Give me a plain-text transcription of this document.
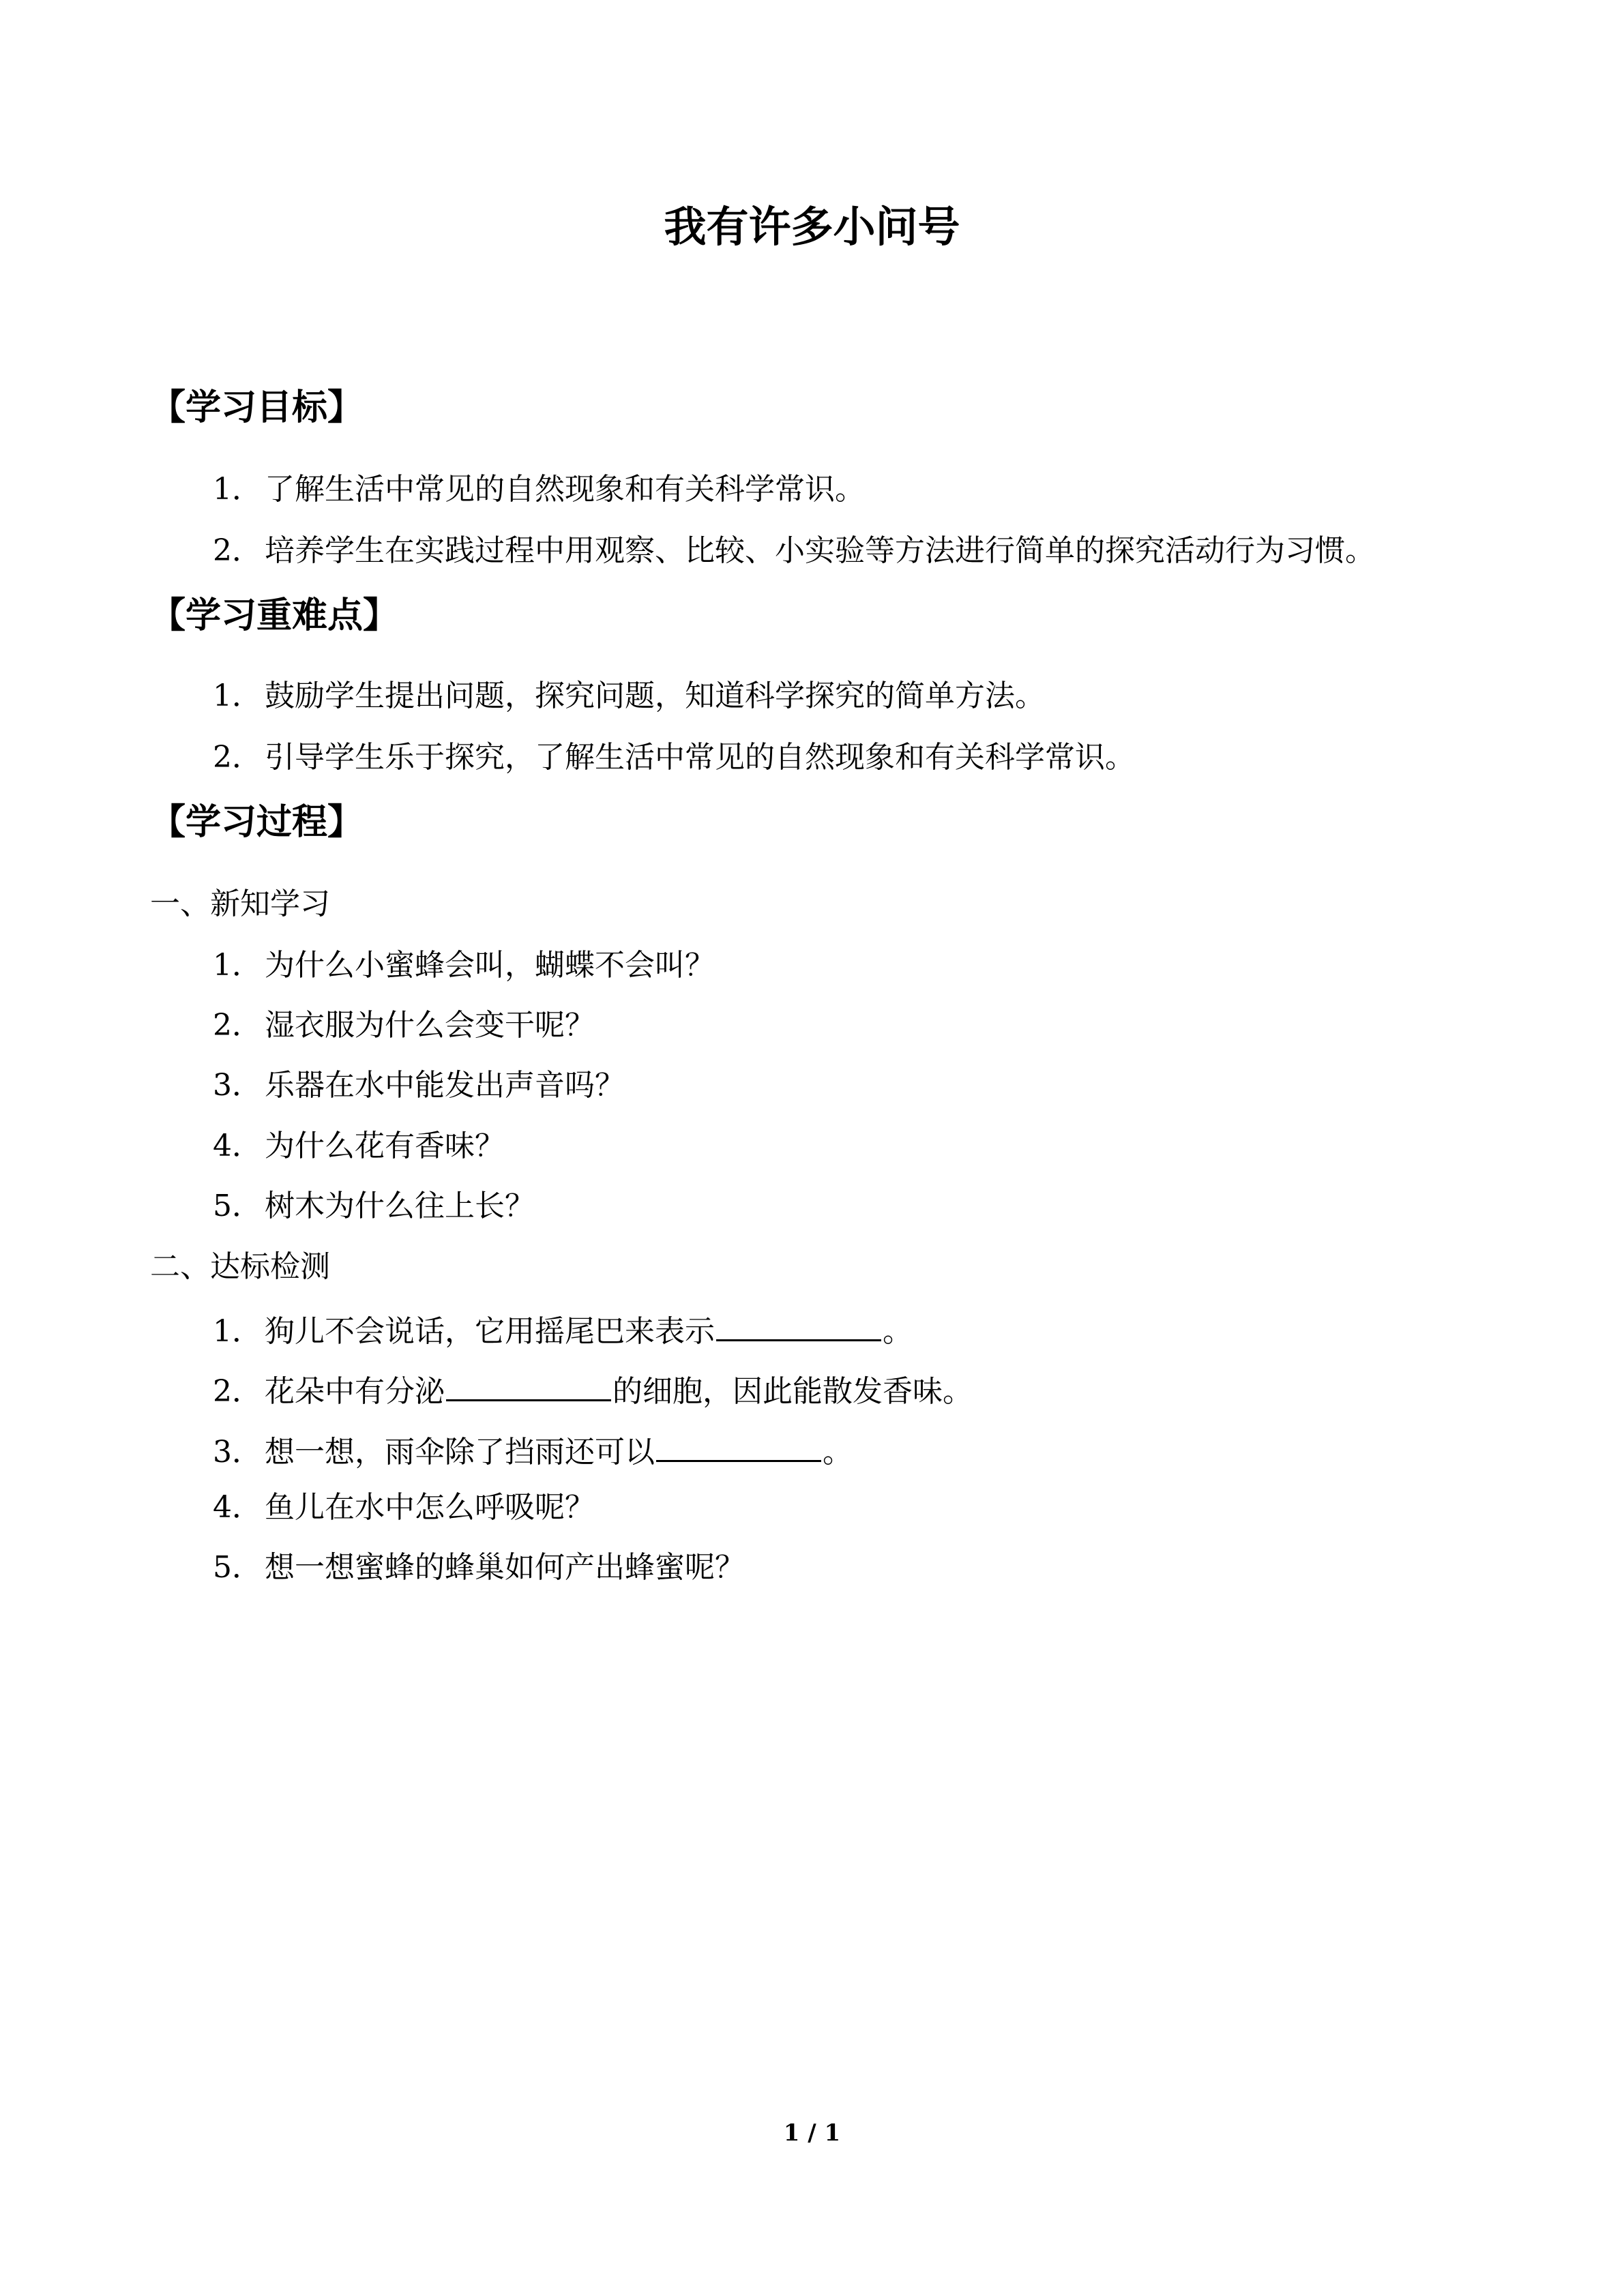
我有许多小问号
【学习目标】
1．了解生活中常见的自然现象和有关科学常识。
2．培养学生在实践过程中用观察、比较、小实验等方法进行简单的探究活动行为习惯。
【学习重难点】
1．鼓励学生提出问题，探究问题，知道科学探究的简单方法。
2．引导学生乐于探究，了解生活中常见的自然现象和有关科学常识。
【学习过程】
一、新知学习
1．为什么小蜜蜂会叫，蝴蝶不会叫？
2．湿衣服为什么会变干呢？
3．乐器在水中能发出声音吗？
4．为什么花有香味？
5．树木为什么往上长？
二、达标检测
1．狗儿不会说话，它用摇尾巴来表示	。
2．花朵中有分泌	的细胞，因此能散发香味。
3．想一想，雨伞除了挡雨还可以	。
4．鱼儿在水中怎么呼吸呢？
5．想一想蜜蜂的蜂巢如何产出蜂蜜呢？
1 / 1
